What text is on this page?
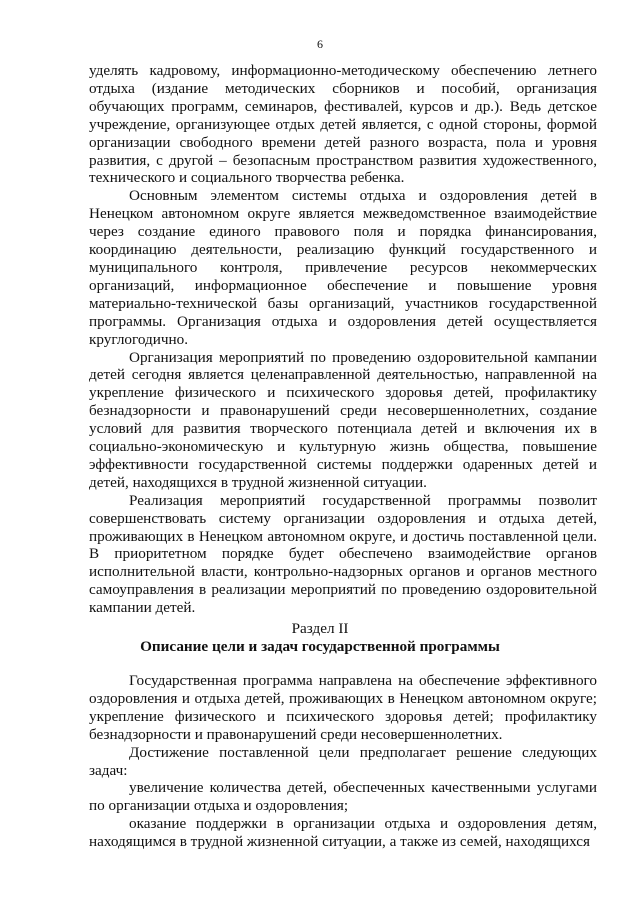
6

уделять кадровому, информационно-методическому обеспечению летнего отдыха (издание методических сборников и пособий, организация обучающих программ, семинаров, фестивалей, курсов и др.). Ведь детское учреждение, организующее отдых детей является, с одной стороны, формой организации свободного времени детей разного возраста, пола и уровня развития, с другой – безопасным пространством развития художественного, технического и социального творчества ребенка.

Основным элементом системы отдыха и оздоровления детей в Ненецком автономном округе является межведомственное взаимодействие через создание единого правового поля и порядка финансирования, координацию деятельности, реализацию функций государственного и муниципального контроля, привлечение ресурсов некоммерческих организаций, информационное обеспечение и повышение уровня материально-технической базы организаций, участников государственной программы. Организация отдыха и оздоровления детей осуществляется круглогодично.

Организация мероприятий по проведению оздоровительной кампании детей сегодня является целенаправленной деятельностью, направленной на укрепление физического и психического здоровья детей, профилактику безнадзорности и правонарушений среди несовершеннолетних, создание условий для развития творческого потенциала детей и включения их в социально-экономическую и культурную жизнь общества, повышение эффективности государственной системы поддержки одаренных детей и детей, находящихся в трудной жизненной ситуации.

Реализация мероприятий государственной программы позволит совершенствовать систему организации оздоровления и отдыха детей, проживающих в Ненецком автономном округе, и достичь поставленной цели. В приоритетном порядке будет обеспечено взаимодействие органов исполнительной власти, контрольно-надзорных органов и органов местного самоуправления в реализации мероприятий по проведению оздоровительной кампании детей.

Раздел II
Описание цели и задач государственной программы

Государственная программа направлена на обеспечение эффективного оздоровления и отдыха детей, проживающих в Ненецком автономном округе; укрепление физического и психического здоровья детей; профилактику безнадзорности и правонарушений среди несовершеннолетних.

Достижение поставленной цели предполагает решение следующих задач:

увеличение количества детей, обеспеченных качественными услугами по организации отдыха и оздоровления;

оказание поддержки в организации отдыха и оздоровления детям, находящимся в трудной жизненной ситуации, а также из семей, находящихся
